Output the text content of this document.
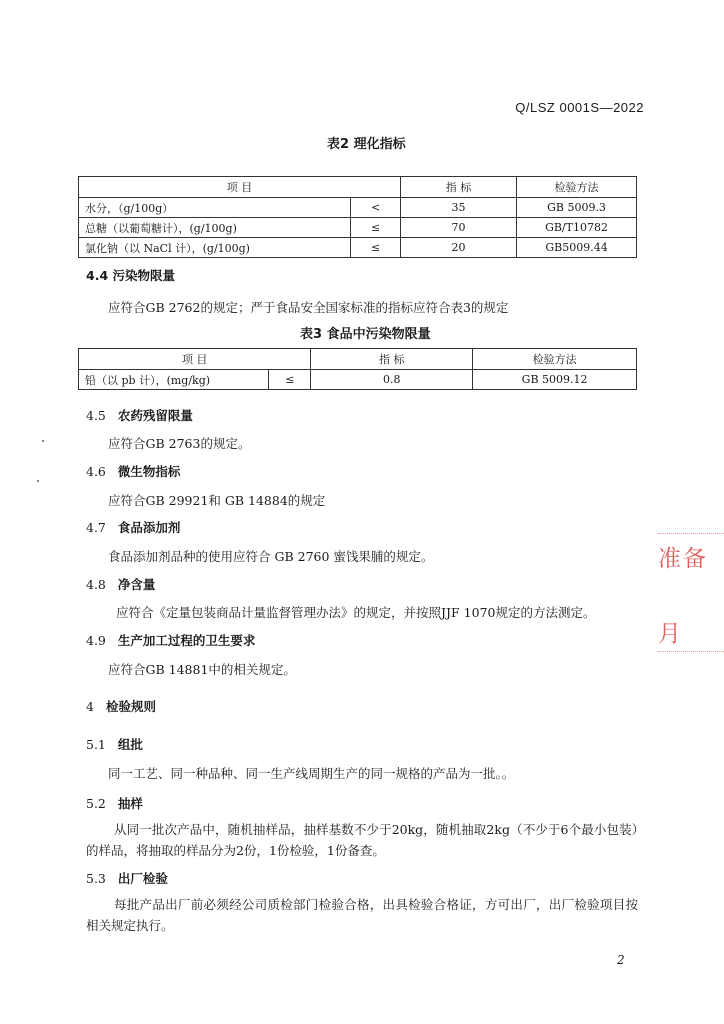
Q/LSZ 0001S—2022
表2 理化指标
项 目		指 标	检验方法
水分，（g/100g）	<	35	GB 5009.3
总糖（以葡萄糖计），(g/100g)	≤	70	GB/T10782
氯化钠（以 NaCl 计），(g/100g)	≤	20	GB5009.44
4.4 污染物限量
应符合GB 2762的规定；严于食品安全国家标准的指标应符合表3的规定
表3 食品中污染物限量
项 目		指 标	检验方法
铅（以 pb 计），(mg/kg)	≤	0.8	GB 5009.12
4.5 农药残留限量
应符合GB 2763的规定。
4.6 微生物指标
应符合GB 29921和 GB 14884的规定
4.7 食品添加剂
食品添加剂品种的使用应符合 GB 2760 蜜饯果脯的规定。
4.8 净含量
应符合《定量包装商品计量监督管理办法》的规定，并按照JJF 1070规定的方法测定。
4.9 生产加工过程的卫生要求
应符合GB 14881中的相关规定。
4 检验规则
5.1 组批
同一工艺、同一种品种、同一生产线周期生产的同一规格的产品为一批。。
5.2 抽样
从同一批次产品中，随机抽样品，抽样基数不少于20kg，随机抽取2kg（不少于6个最小包装）的样品，将抽取的样品分为2份，1份检验，1份备查。
5.3 出厂检验
每批产品出厂前必须经公司质检部门检验合格，出具检验合格证，方可出厂，出厂检验项目按相关规定执行。
准备
月
2
